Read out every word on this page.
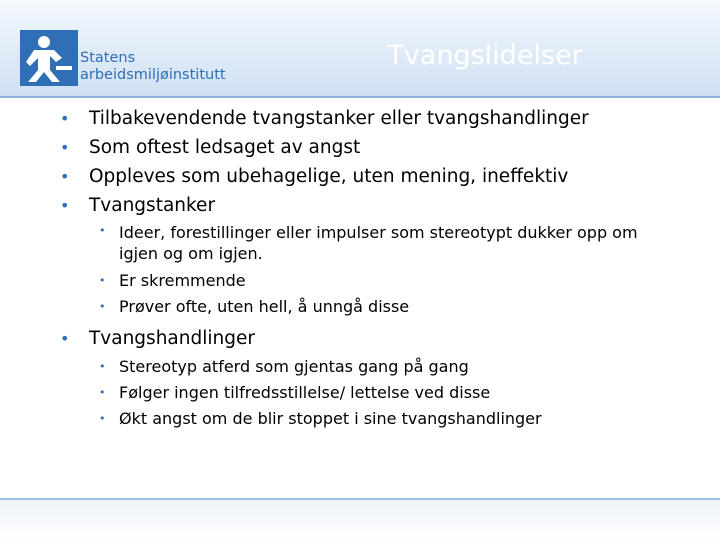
Statens
arbeidsmiljøinstitutt
Tvangslidelser
• Tilbakevendende tvangstanker eller tvangshandlinger
• Som oftest ledsaget av angst
• Oppleves som ubehagelige, uten mening, ineffektiv
• Tvangstanker
• Ideer, forestillinger eller impulser som stereotypt dukker opp om igjen og om igjen.
• Er skremmende
• Prøver ofte, uten hell, å unngå disse
• Tvangshandlinger
• Stereotyp atferd som gjentas gang på gang
• Følger ingen tilfredsstillelse/ lettelse ved disse
• Økt angst om de blir stoppet i sine tvangshandlinger
